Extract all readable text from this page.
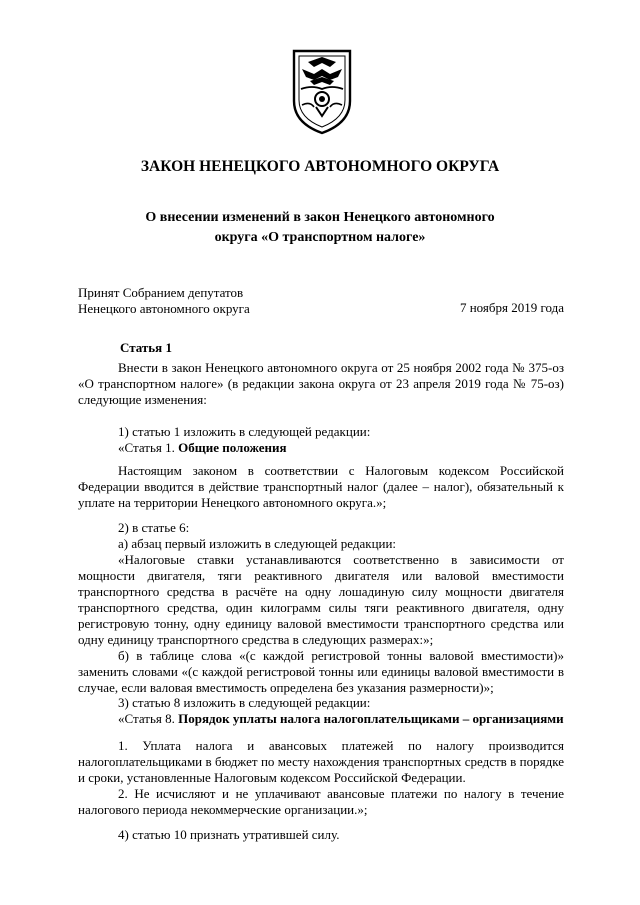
ЗАКОН НЕНЕЦКОГО АВТОНОМНОГО ОКРУГА
О внесении изменений в закон Ненецкого автономного
округа «О транспортном налоге»
Принят Собранием депутатов
Ненецкого автономного округа	7 ноября 2019 года
Статья 1

Внести в закон Ненецкого автономного округа от 25 ноября 2002 года № 375-оз «О транспортном налоге» (в редакции закона округа от 23 апреля 2019 года № 75-оз) следующие изменения:

1) статью 1 изложить в следующей редакции:

«Статья 1. Общие положения

Настоящим законом в соответствии с Налоговым кодексом Российской Федерации вводится в действие транспортный налог (далее – налог), обязательный к уплате на территории Ненецкого автономного округа.»;

2) в статье 6:

а) абзац первый изложить в следующей редакции:

«Налоговые ставки устанавливаются соответственно в зависимости от мощности двигателя, тяги реактивного двигателя или валовой вместимости транспортного средства в расчёте на одну лошадиную силу мощности двигателя транспортного средства, один килограмм силы тяги реактивного двигателя, одну регистровую тонну, одну единицу валовой вместимости транспортного средства или одну единицу транспортного средства в следующих размерах:»;

б) в таблице слова «(с каждой регистровой тонны валовой вместимости)» заменить словами «(с каждой регистровой тонны или единицы валовой вместимости в случае, если валовая вместимость определена без указания размерности)»;

3) статью 8 изложить в следующей редакции:

«Статья 8. Порядок уплаты налога налогоплательщиками – организациями

1. Уплата налога и авансовых платежей по налогу производится налогоплательщиками в бюджет по месту нахождения транспортных средств в порядке и сроки, установленные Налоговым кодексом Российской Федерации.

2. Не исчисляют и не уплачивают авансовые платежи по налогу в течение налогового периода некоммерческие организации.»;

4) статью 10 признать утратившей силу.
